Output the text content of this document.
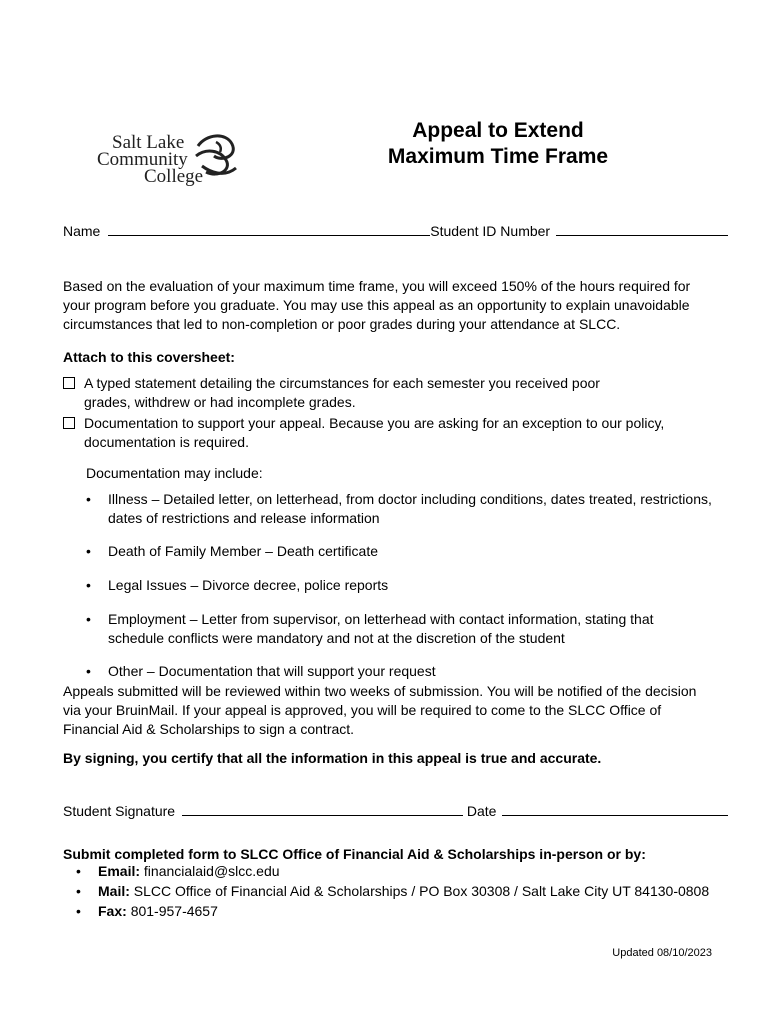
Salt Lake
Community
College
Appeal to Extend
Maximum Time Frame
Name	Student ID Number
Based on the evaluation of your maximum time frame, you will exceed 150% of the hours required for your program before you graduate. You may use this appeal as an opportunity to explain unavoidable circumstances that led to non-completion or poor grades during your attendance at SLCC.
Attach to this coversheet:
A typed statement detailing the circumstances for each semester you received poor grades, withdrew or had incomplete grades.
Documentation to support your appeal. Because you are asking for an exception to our policy, documentation is required.
Documentation may include:
•	Illness – Detailed letter, on letterhead, from doctor including conditions, dates treated, restrictions, dates of restrictions and release information
•	Death of Family Member – Death certificate
•	Legal Issues – Divorce decree, police reports
•	Employment – Letter from supervisor, on letterhead with contact information, stating that schedule conflicts were mandatory and not at the discretion of the student
•	Other – Documentation that will support your request
Appeals submitted will be reviewed within two weeks of submission. You will be notified of the decision via your BruinMail. If your appeal is approved, you will be required to come to the SLCC Office of Financial Aid & Scholarships to sign a contract.
By signing, you certify that all the information in this appeal is true and accurate.
Student Signature	Date
Submit completed form to SLCC Office of Financial Aid & Scholarships in-person or by:
•	Email: financialaid@slcc.edu
•	Mail: SLCC Office of Financial Aid & Scholarships / PO Box 30308 / Salt Lake City UT 84130-0808
•	Fax: 801-957-4657
Updated 08/10/2023
